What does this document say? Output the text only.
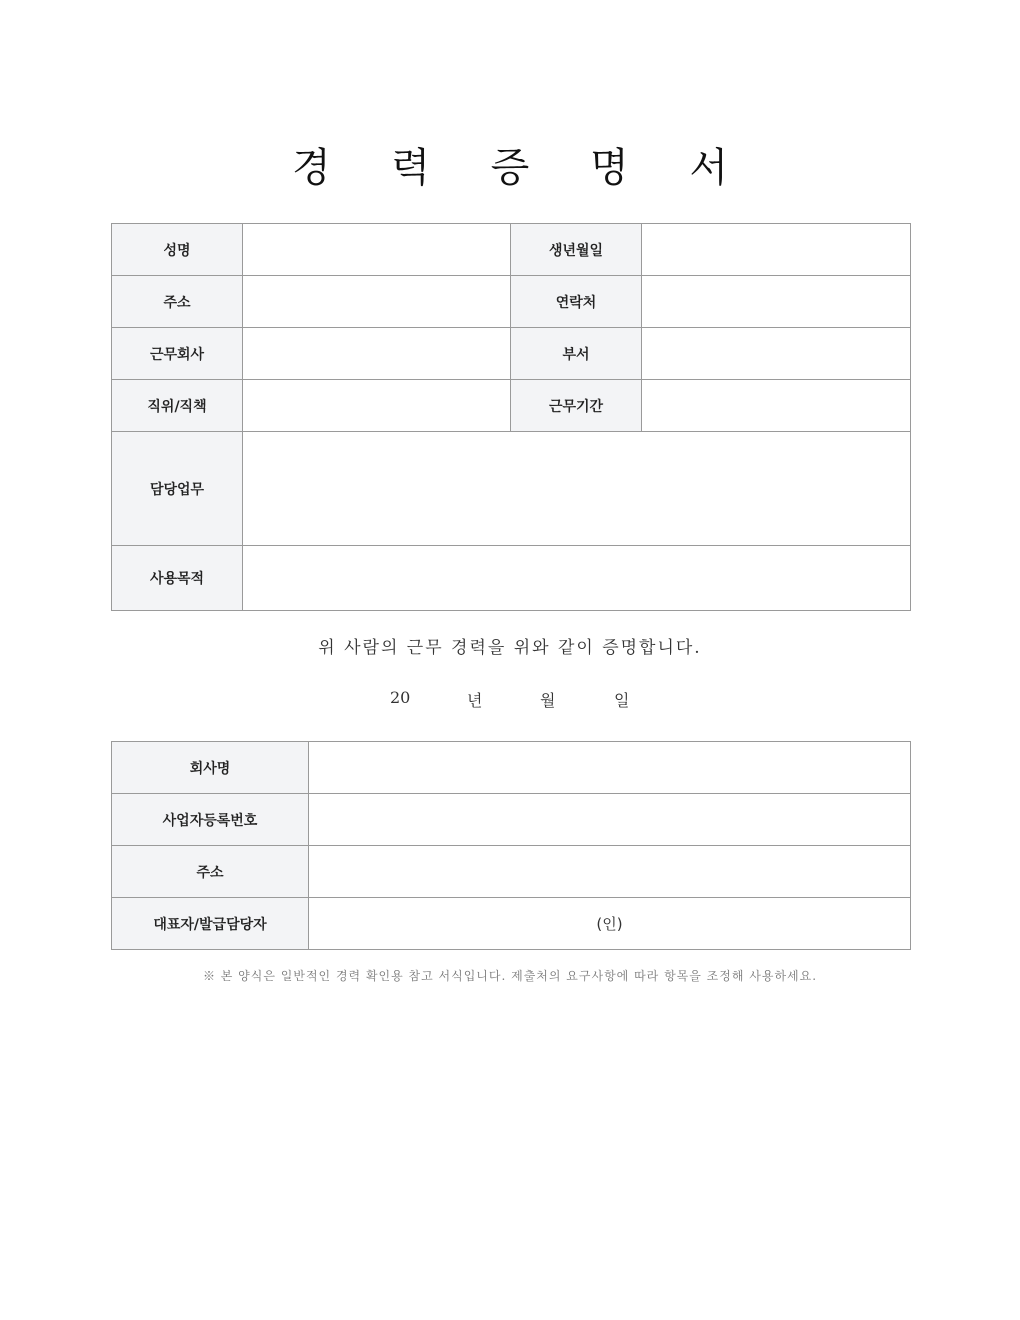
경 력 증 명 서
성명		생년월일	
주소		연락처	
근무회사		부서	
직위/직책		근무기간	
담당업무			
사용목적			
위 사람의 근무 경력을 위와 같이 증명합니다.
20	년	월	일
회사명	
사업자등록번호	
주소	
대표자/발급담당자	(인)
※ 본 양식은 일반적인 경력 확인용 참고 서식입니다. 제출처의 요구사항에 따라 항목을 조정해 사용하세요.
